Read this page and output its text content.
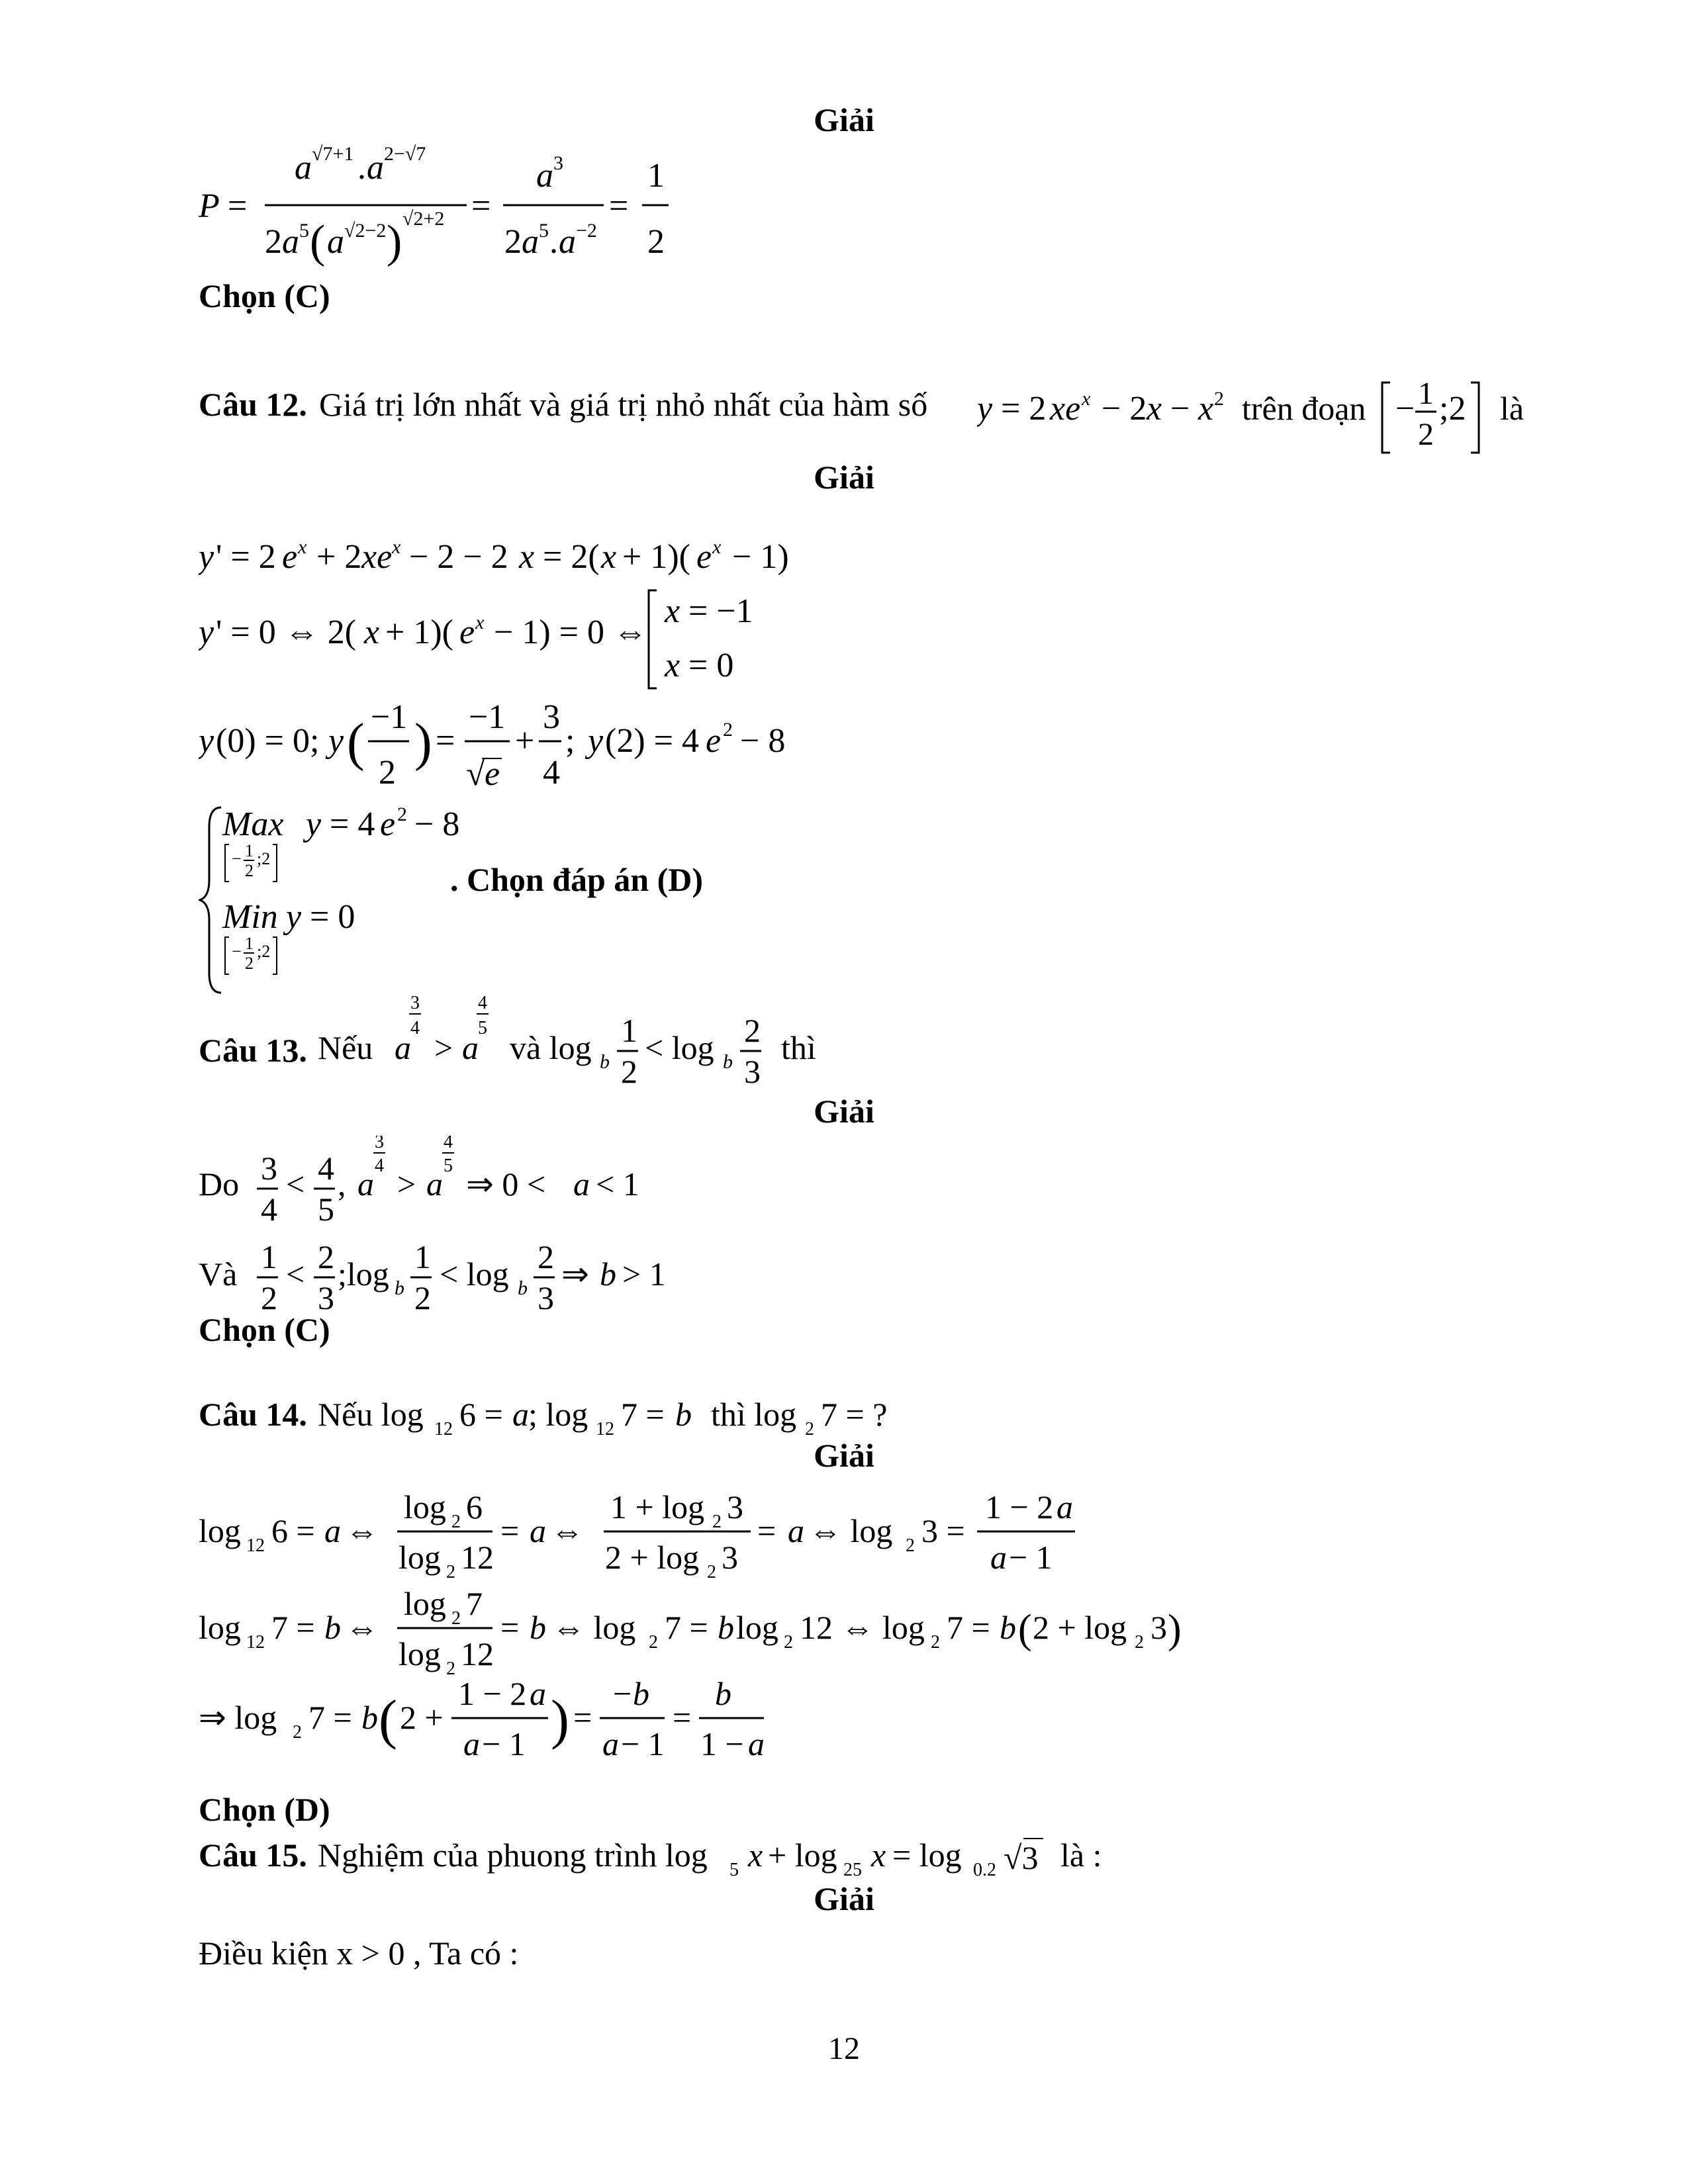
Giải
P =
a √7+1 . a 2−√7
2 a 5 ( a √2−2 ) √2+2 =
a 3
2 a 5 . a −2
=
1
2
Chọn (C)
Câu 12. Giá trị lớn nhất và giá trị nhỏ nhất của hàm số y = 2 xe x − 2 x − x 2 trên đoạn − 1
2
;2 là
Giải
y ' = 2 e x + 2 xe x − 2 − 2 x = 2( x + 1)( e x − 1)
y ' = 0 ⇔ 2( x + 1)( e x − 1) = 0 ⇔
x = −1
x = 0
y (0) = 0; y ( −1
2
) =
−1
√ e
+
3
4
; y (2) = 4 e 2 − 8
Max y = 4 e 2 − 8
− 1
2
;2
Min y = 0
− 1
2
;2
. Chọn đáp án (D)
Câu 13. Nếu a
3
4
> a
4
5
và log b
1
2
< log b
2
3
thì
Giải
Do 3
4
< 4
5
, a
3
4 > a
4
5 ⇒ 0 < a < 1
Và 1
2
< 2
3
;log b
1
2
< log b
2
3
⇒ b > 1
Chọn (C)
Câu 14. Nếu log 12 6 = a ; log 12 7 = b thì log 2 7 = ?
Giải
log 12 6 = a ⇔
log 2 6
log 2 12
= a ⇔
1 + log 2 3
2 + log 2 3
= a ⇔ log 2 3 =
1 − 2 a
a − 1
log 12 7 = b ⇔
log 2 7
log 2 12
= b ⇔ log 2 7 = b log 2 12 ⇔ log 2 7 = b ( 2 + log 2 3 )
⇒ log 2 7 = b ( 2 +
1 − 2 a
a − 1 ) =
− b
a − 1
=
b
1 − a
Chọn (D)
Câu 15. Nghiệm của phuong trình log 5 x + log 25 x = log 0.2 √3 là :
Giải
Điều kiện x > 0 , Ta có :
12
